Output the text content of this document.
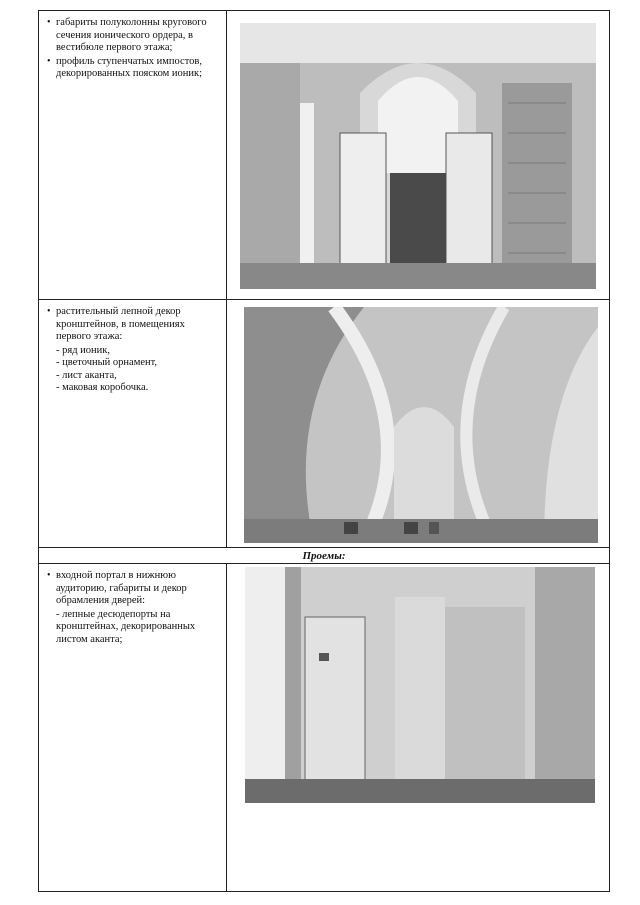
• габариты полуколонны кругового сечения ионического ордера, в вестибюле первого этажа;
• профиль ступенчатых импостов, декорированных пояском ионик;
• растительный лепной декор кронштейнов, в помещениях первого этажа:
- ряд ионик,
- цветочный орнамент,
- лист аканта,
- маковая коробочка.
Проемы:
• входной портал в нижнюю аудиторию, габариты и декор обрамления дверей:
- лепные десюдепорты на кронштейнах, декорированных листом аканта;
